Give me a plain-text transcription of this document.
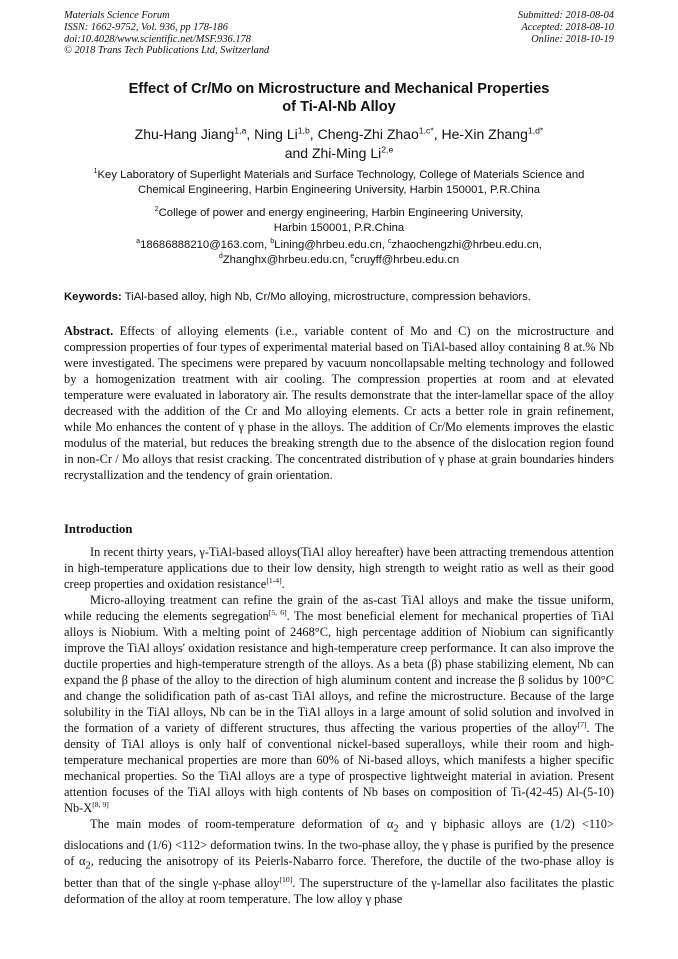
Materials Science Forum
ISSN: 1662-9752, Vol. 936, pp 178-186
doi:10.4028/www.scientific.net/MSF.936.178
© 2018 Trans Tech Publications Ltd, Switzerland
Submitted: 2018-08-04
Accepted: 2018-08-10
Online: 2018-10-19
Effect of Cr/Mo on Microstructure and Mechanical Properties
of Ti-Al-Nb Alloy
Zhu-Hang Jiang$^{1,a}$, Ning Li$^{1,b}$, Cheng-Zhi Zhao$^{1,c*}$, He-Xin Zhang$^{1,d*}$
and Zhi-Ming Li$^{2,e}$
$^1$Key Laboratory of Superlight Materials and Surface Technology, College of Materials Science and
Chemical Engineering, Harbin Engineering University, Harbin 150001, P.R.China
$^2$College of power and energy engineering, Harbin Engineering University,
Harbin 150001, P.R.China
$^a$18686888210@163.com, $^b$Lining@hrbeu.edu.cn, $^c$zhaochengzhi@hrbeu.edu.cn,
$^d$Zhanghx@hrbeu.edu.cn, $^e$cruyff@hrbeu.edu.cn
Keywords: TiAl-based alloy, high Nb, Cr/Mo alloying, microstructure, compression behaviors.
Abstract. Effects of alloying elements (i.e., variable content of Mo and C) on the microstructure and compression properties of four types of experimental material based on TiAl-based alloy containing 8 at.% Nb were investigated. The specimens were prepared by vacuum noncollapsable melting technology and followed by a homogenization treatment with air cooling. The compression properties at room and at elevated temperature were evaluated in laboratory air. The results demonstrate that the inter-lamellar space of the alloy decreased with the addition of the Cr and Mo alloying elements. Cr acts a better role in grain refinement, while Mo enhances the content of γ phase in the alloys. The addition of Cr/Mo elements improves the elastic modulus of the material, but reduces the breaking strength due to the absence of the dislocation region found in non-Cr / Mo alloys that resist cracking. The concentrated distribution of γ phase at grain boundaries hinders recrystallization and the tendency of grain orientation.
Introduction

In recent thirty years, γ-TiAl-based alloys(TiAl alloy hereafter) have been attracting tremendous attention in high-temperature applications due to their low density, high strength to weight ratio as well as their good creep properties and oxidation resistance[1-4].

Micro-alloying treatment can refine the grain of the as-cast TiAl alloys and make the tissue uniform, while reducing the elements segregation[5, 6]. The most beneficial element for mechanical properties of TiAl alloys is Niobium. With a melting point of 2468°C, high percentage addition of Niobium can significantly improve the TiAl alloys' oxidation resistance and high-temperature creep performance. It can also improve the ductile properties and high-temperature strength of the alloys. As a beta (β) phase stabilizing element, Nb can expand the β phase of the alloy to the direction of high aluminum content and increase the β solidus by 100°C and change the solidification path of as-cast TiAl alloys, and refine the microstructure. Because of the large solubility in the TiAl alloys, Nb can be in the TiAl alloys in a large amount of solid solution and involved in the formation of a variety of different structures, thus affecting the various properties of the alloy[7]. The density of TiAl alloys is only half of conventional nickel-based superalloys, while their room and high-temperature mechanical properties are more than 60% of Ni-based alloys, which manifests a higher specific mechanical properties. So the TiAl alloys are a type of prospective lightweight material in aviation. Present attention focuses of the TiAl alloys with high contents of Nb bases on composition of Ti-(42-45) Al-(5-10) Nb-X[8, 9]

The main modes of room-temperature deformation of $\alpha_2$ and γ biphasic alloys are (1/2) <110> dislocations and (1/6) <112> deformation twins. In the two-phase alloy, the γ phase is purified by the presence of $\alpha_2$, reducing the anisotropy of its Peierls-Nabarro force. Therefore, the ductile of the two-phase alloy is better than that of the single γ-phase alloy[10]. The superstructure of the γ-lamellar also facilitates the plastic deformation of the alloy at room temperature. The low alloy γ phase
